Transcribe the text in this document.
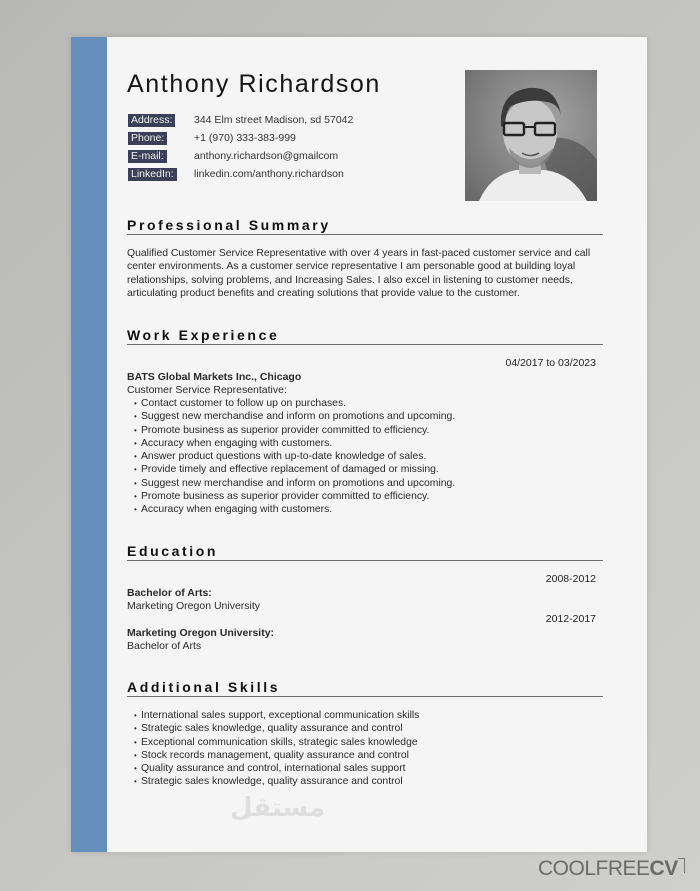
Anthony Richardson
Address: 344 Elm street Madison, sd 57042
Phone:	+1 (970) 333-383-999
E-mail:	anthony.richardson@gmailcom
LinkedIn: linkedin.com/anthony.richardson
Professional Summary
Qualified Customer Service Representative with over 4 years in fast-paced customer service and call center environments. As a customer service representative I am personable good at building loyal relationships, solving problems, and Increasing Sales. I also excel in listening to customer needs, articulating product benefits and creating solutions that provide value to the customer.
Work Experience
04/2017 to 03/2023
BATS Global Markets Inc., Chicago
Customer Service Representative:
• Contact customer to follow up on purchases.
• Suggest new merchandise and inform on promotions and upcoming.
• Promote business as superior provider committed to efficiency.
• Accuracy when engaging with customers.
• Answer product questions with up-to-date knowledge of sales.
• Provide timely and effective replacement of damaged or missing.
• Suggest new merchandise and inform on promotions and upcoming.
• Promote business as superior provider committed to efficiency.
• Accuracy when engaging with customers.
Education
2008-2012
Bachelor of Arts:
Marketing Oregon University
2012-2017
Marketing Oregon University:
Bachelor of Arts
Additional Skills
• International sales support, exceptional communication skills
• Strategic sales knowledge, quality assurance and control
• Exceptional communication skills, strategic sales knowledge
• Stock records management, quality assurance and control
• Quality assurance and control, international sales support
• Strategic sales knowledge, quality assurance and control
مستقل
COOLFREECV
